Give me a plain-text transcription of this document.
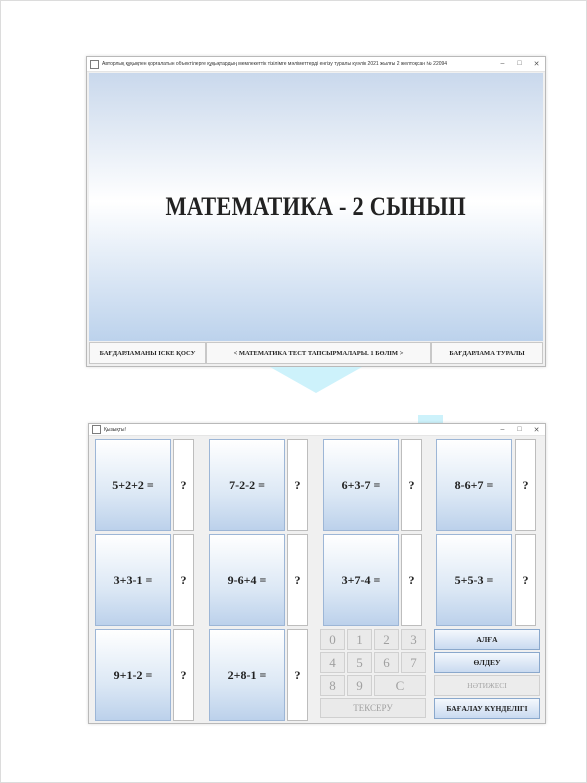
Авторлық құқықпен қорғалатын объектілерге құқықтардың мемлекеттік тізілімге мәліметтерді енгізу туралы куәлік 2021 жылғы 2 желтоқсан № 22094	–	□	✕
МАТЕМАТИКА - 2 СЫНЫП
БАҒДАРЛАМАНЫ ІСКЕ ҚОСУ	< МАТЕМАТИКА ТЕСТ ТАПСЫРМАЛАРЫ. 1 БӨЛІМ >	БАҒДАРЛАМА ТУРАЛЫ
Қызықты!	–	□	✕
5+2+2 =	?	7-2-2 =	?	6+3-7 =	?	8-6+7 =	?
3+3-1 =	?	9-6+4 =	?	3+7-4 =	?	5+5-3 =	?
9+1-2 =	?	2+8-1 =	?
0	1	2	3
4	5	6	7
8	9	C
ТЕКСЕРУ
АЛҒА
ӨЛДЕУ
НӘТИЖЕСІ
БАҒАЛАУ КҮНДЕЛІГІ
